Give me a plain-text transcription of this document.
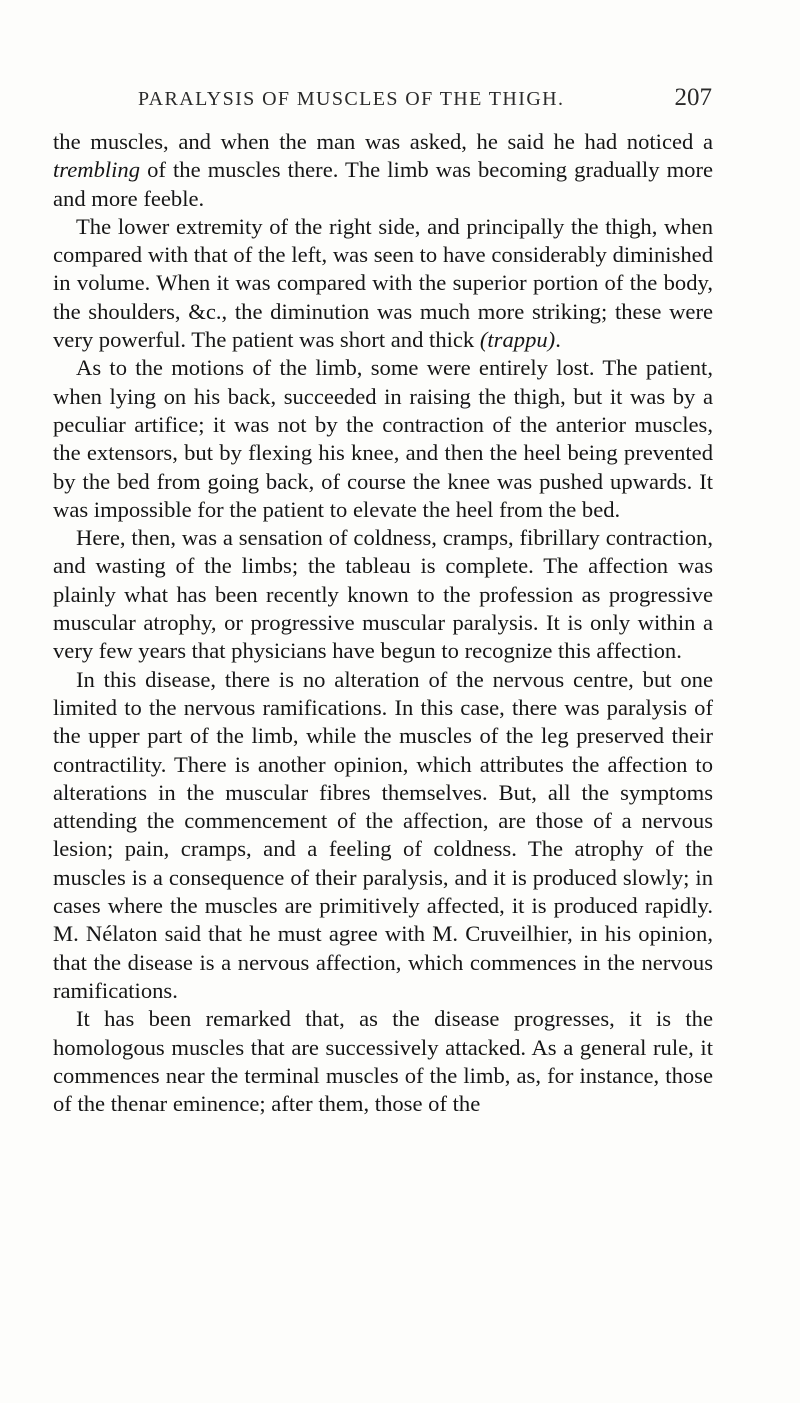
PARALYSIS OF MUSCLES OF THE THIGH.	207

the muscles, and when the man was asked, he said he had noticed a trembling of the muscles there. The limb was becoming gradually more and more feeble.

The lower extremity of the right side, and principally the thigh, when compared with that of the left, was seen to have considerably diminished in volume. When it was compared with the superior portion of the body, the shoulders, &c., the diminution was much more striking; these were very powerful. The patient was short and thick (trappu).

As to the motions of the limb, some were entirely lost. The patient, when lying on his back, succeeded in raising the thigh, but it was by a peculiar artifice; it was not by the contraction of the anterior muscles, the extensors, but by flexing his knee, and then the heel being prevented by the bed from going back, of course the knee was pushed upwards. It was impossible for the patient to elevate the heel from the bed.

Here, then, was a sensation of coldness, cramps, fibrillary contraction, and wasting of the limbs; the tableau is complete. The affection was plainly what has been recently known to the profession as progressive muscular atrophy, or progressive muscular paralysis. It is only within a very few years that physicians have begun to recognize this affection.

In this disease, there is no alteration of the nervous centre, but one limited to the nervous ramifications. In this case, there was paralysis of the upper part of the limb, while the muscles of the leg preserved their contractility. There is another opinion, which attributes the affection to alterations in the muscular fibres themselves. But, all the symptoms attending the commencement of the affection, are those of a nervous lesion; pain, cramps, and a feeling of coldness. The atrophy of the muscles is a consequence of their paralysis, and it is produced slowly; in cases where the muscles are primitively affected, it is produced rapidly. M. Nélaton said that he must agree with M. Cruveilhier, in his opinion, that the disease is a nervous affection, which commences in the nervous ramifications.

It has been remarked that, as the disease progresses, it is the homologous muscles that are successively attacked. As a general rule, it commences near the terminal muscles of the limb, as, for instance, those of the thenar eminence; after them, those of the
